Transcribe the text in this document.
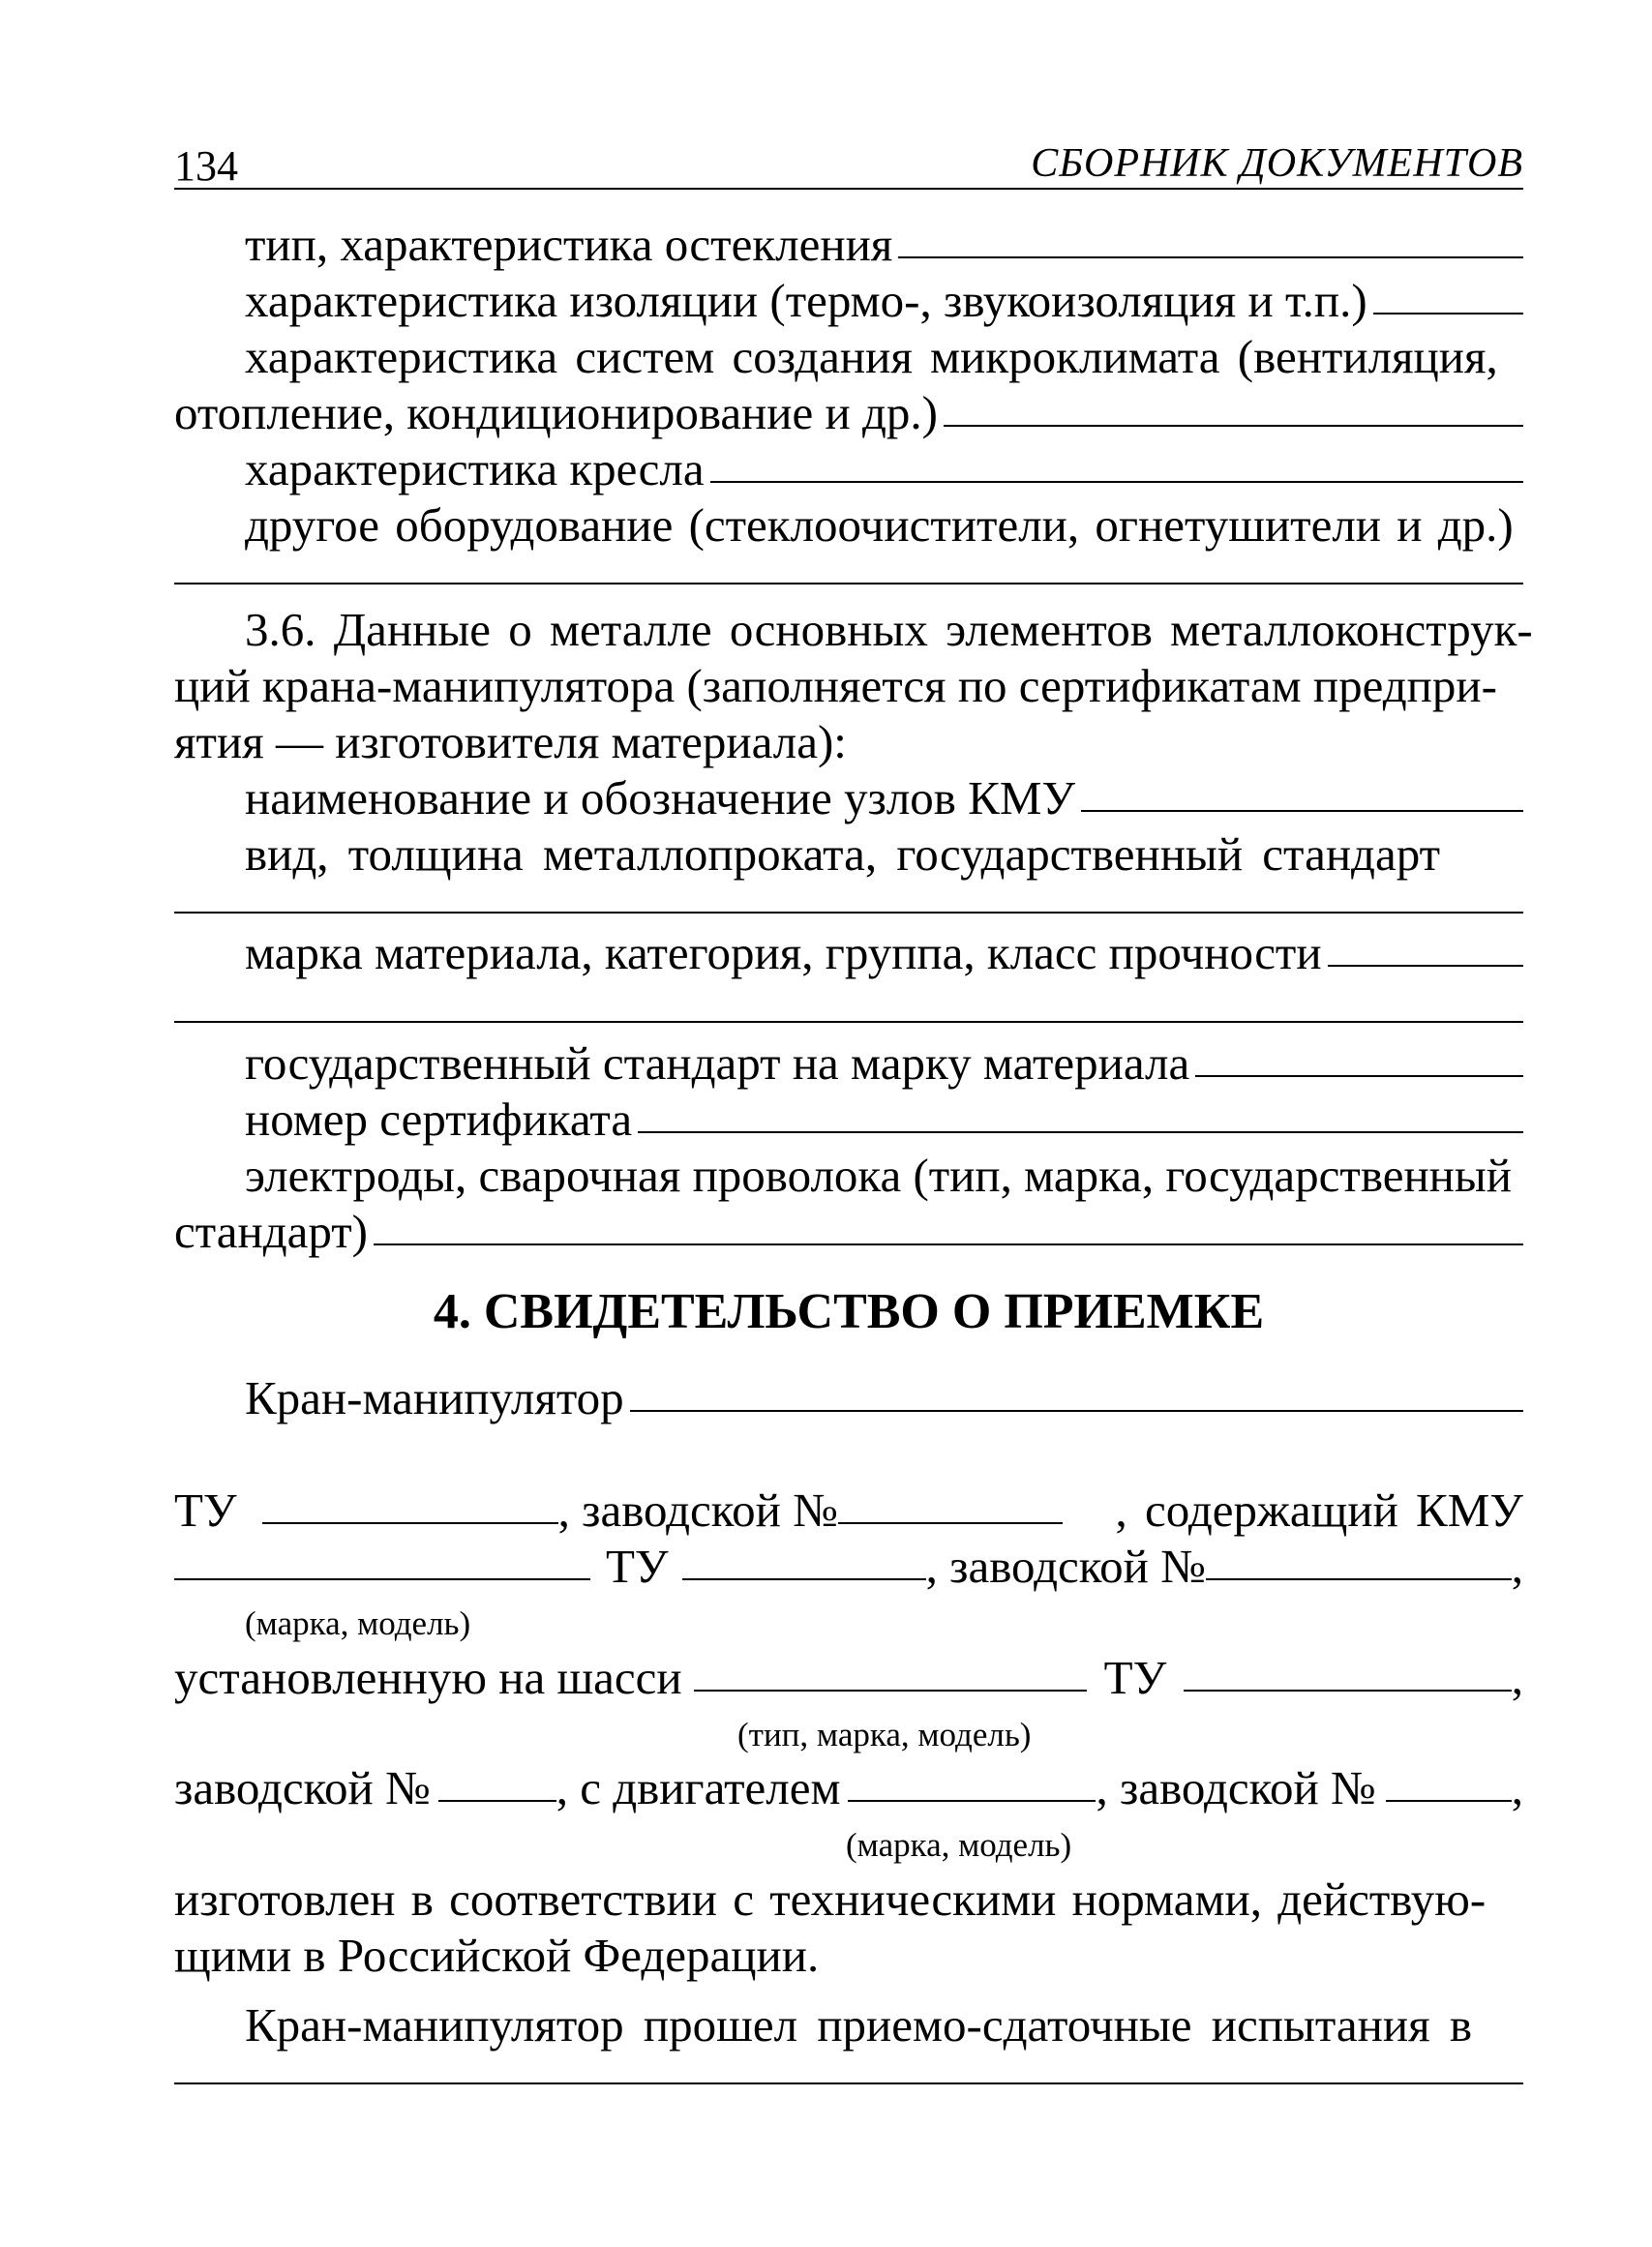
134	СБОРНИК ДОКУМЕНТОВ
тип, характеристика остекления
характеристика изоляции (термо-, звукоизоляция и т.п.)
характеристика систем создания микроклимата (вентиляция,
отопление, кондиционирование и др.)
характеристика кресла
другое оборудование (стеклоочистители, огнетушители и др.)
3.6. Данные о металле основных элементов металлоконструк-
ций крана-манипулятора (заполняется по сертификатам предпри-
ятия — изготовителя материала):
наименование и обозначение узлов КМУ
вид, толщина металлопроката, государственный стандарт
марка материала, категория, группа, класс прочности
государственный стандарт на марку материала
номер сертификата
электроды, сварочная проволока (тип, марка, государственный
стандарт)
4. СВИДЕТЕЛЬСТВО О ПРИЕМКЕ
Кран-манипулятор
ТУ	, заводской №	, содержащий КМУ
ТУ	, заводской №	,
(марка, модель)
установленную на шасси	ТУ	,
(тип, марка, модель)
заводской №	, с двигателем	, заводской №	,
(марка, модель)
изготовлен в соответствии с техническими нормами, действую-
щими в Российской Федерации.
Кран-манипулятор прошел приемо-сдаточные испытания в
